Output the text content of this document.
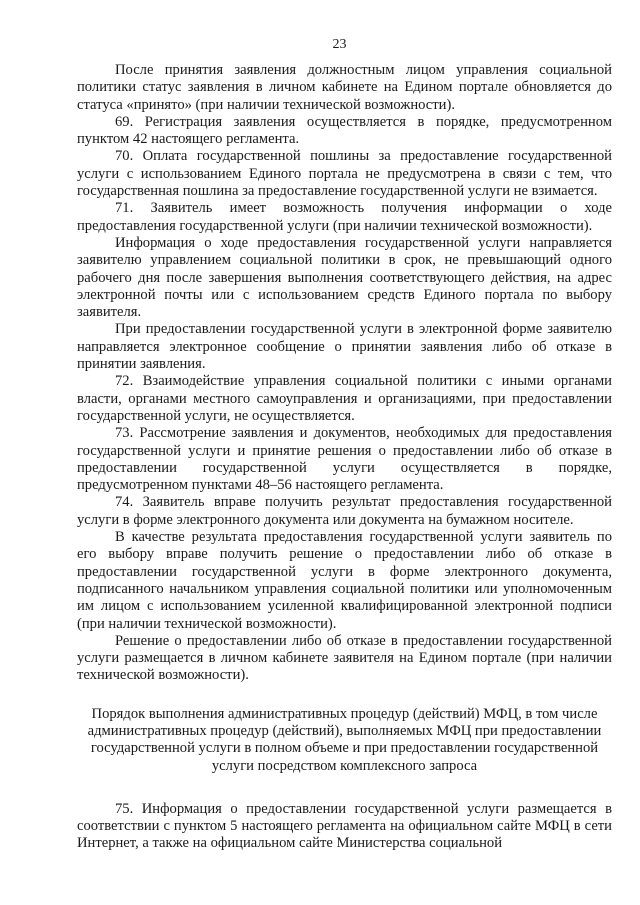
23

После принятия заявления должностным лицом управления социальной политики статус заявления в личном кабинете на Едином портале обновляется до статуса «принято» (при наличии технической возможности).

69. Регистрация заявления осуществляется в порядке, предусмотренном пунктом 42 настоящего регламента.

70. Оплата государственной пошлины за предоставление государственной услуги с использованием Единого портала не предусмотрена в связи с тем, что государственная пошлина за предоставление государственной услуги не взимается.

71. Заявитель имеет возможность получения информации о ходе предоставления государственной услуги (при наличии технической возможности).

Информация о ходе предоставления государственной услуги направляется заявителю управлением социальной политики в срок, не превышающий одного рабочего дня после завершения выполнения соответствующего действия, на адрес электронной почты или с использованием средств Единого портала по выбору заявителя.

При предоставлении государственной услуги в электронной форме заявителю направляется электронное сообщение о принятии заявления либо об отказе в принятии заявления.

72. Взаимодействие управления социальной политики с иными органами власти, органами местного самоуправления и организациями, при предоставлении государственной услуги, не осуществляется.

73. Рассмотрение заявления и документов, необходимых для предоставления государственной услуги и принятие решения о предоставлении либо об отказе в предоставлении государственной услуги осуществляется в порядке, предусмотренном пунктами 48–56 настоящего регламента.

74. Заявитель вправе получить результат предоставления государственной услуги в форме электронного документа или документа на бумажном носителе.

В качестве результата предоставления государственной услуги заявитель по его выбору вправе получить решение о предоставлении либо об отказе в предоставлении государственной услуги в форме электронного документа, подписанного начальником управления социальной политики или уполномоченным им лицом с использованием усиленной квалифицированной электронной подписи (при наличии технической возможности).

Решение о предоставлении либо об отказе в предоставлении государственной услуги размещается в личном кабинете заявителя на Едином портале (при наличии технической возможности).

Порядок выполнения административных процедур (действий) МФЦ, в том числе административных процедур (действий), выполняемых МФЦ при предоставлении государственной услуги в полном объеме и при предоставлении государственной услуги посредством комплексного запроса

75. Информация о предоставлении государственной услуги размещается в соответствии с пунктом 5 настоящего регламента на официальном сайте МФЦ в сети Интернет, а также на официальном сайте Министерства социальной
